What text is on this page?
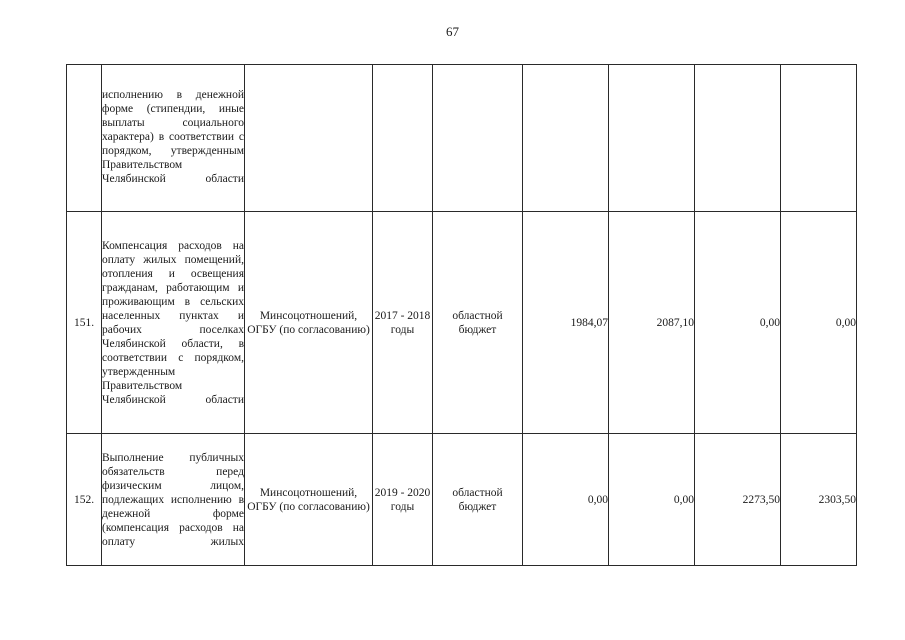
67

	исполнению в денежной форме (стипендии, иные выплаты социального характера) в соответствии с порядком, утвержденным Правительством Челябинской области							

151.	Компенсация расходов на оплату жилых помещений, отопления и освещения гражданам, работающим и проживающим в сельских населенных пунктах и рабочих поселках Челябинской области, в соответствии с порядком, утвержденным Правительством Челябинской области	Минсоцотношений, ОГБУ (по согласованию)	2017 - 2018 годы	областной бюджет	1984,07	2087,10	0,00	0,00
152.	Выполнение публичных обязательств перед физическим лицом, подлежащих исполнению в денежной форме (компенсация расходов на оплату жилых	Минсоцотношений, ОГБУ (по согласованию)	2019 - 2020 годы	областной бюджет	0,00	0,00	2273,50	2303,50
